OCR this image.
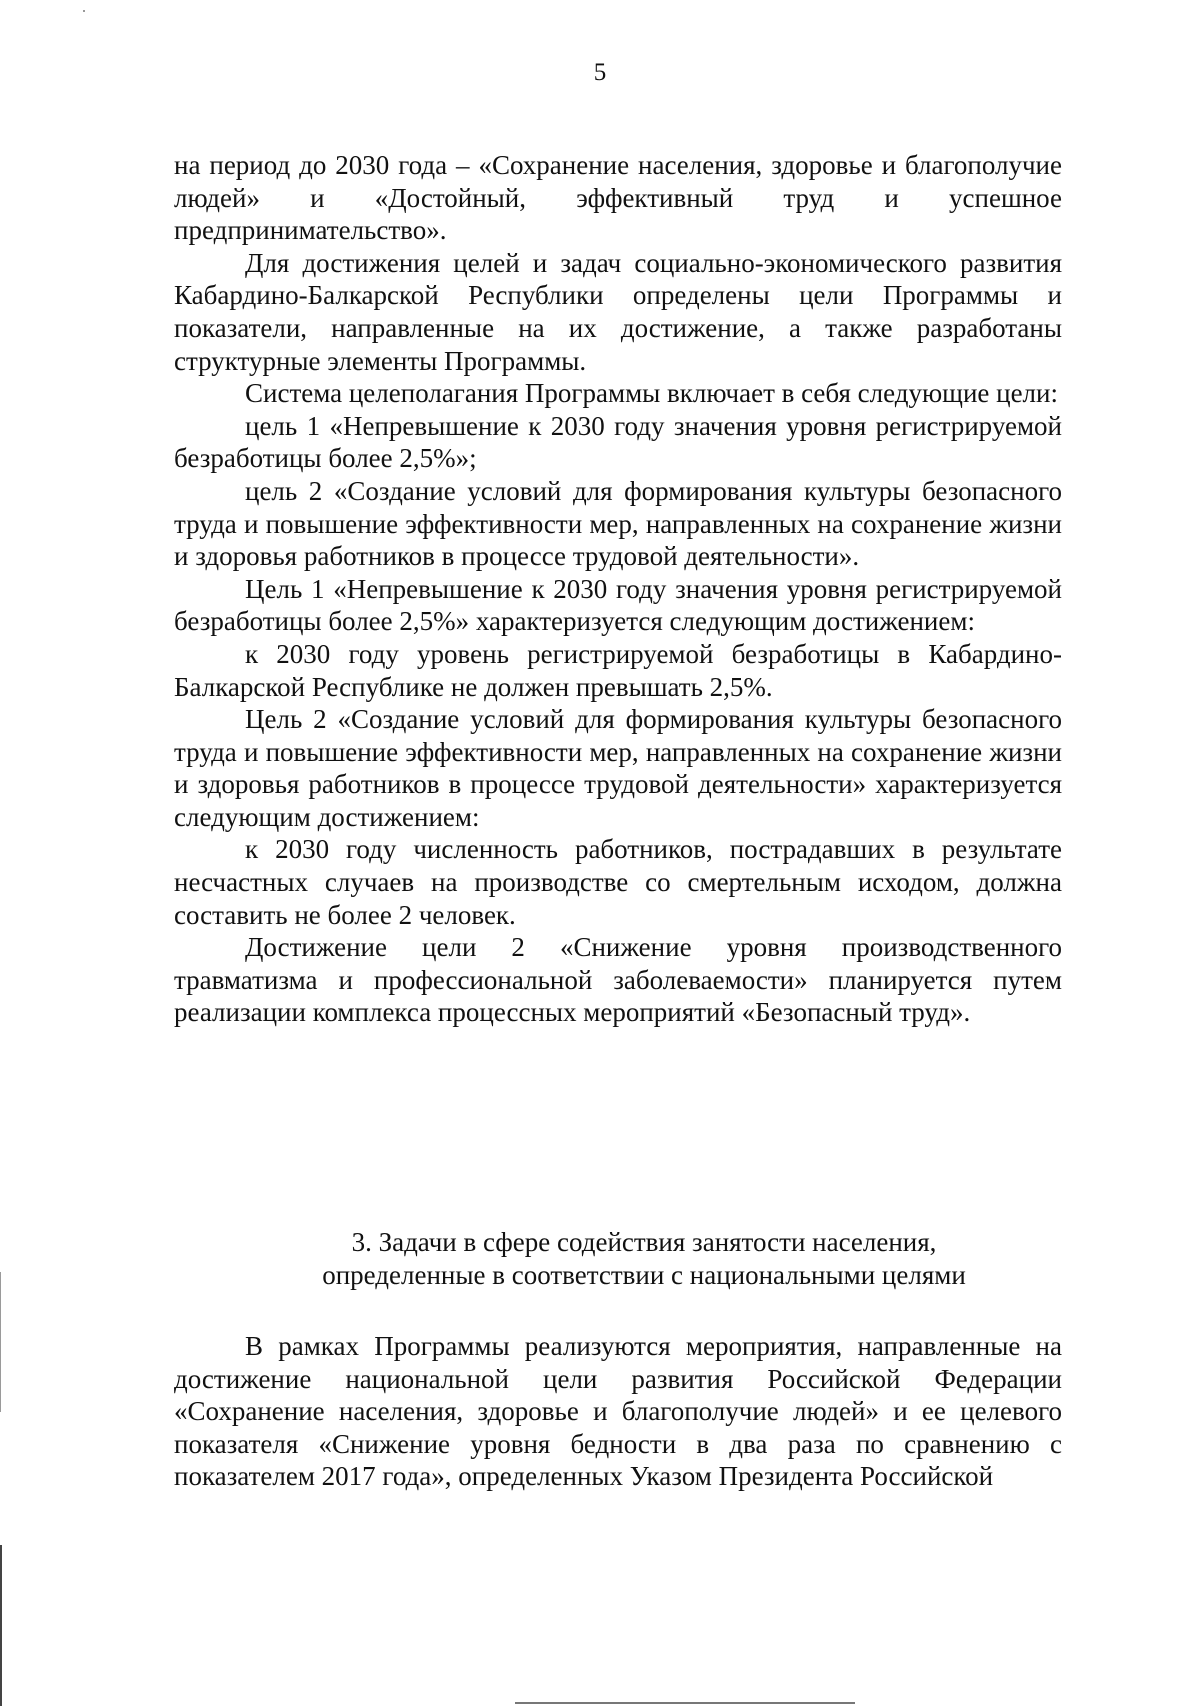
5

на период до 2030 года – «Сохранение населения, здоровье и благополучие людей» и «Достойный, эффективный труд и успешное предпринимательство».

Для достижения целей и задач социально-экономического развития Кабардино-Балкарской Республики определены цели Программы и показатели, направленные на их достижение, а также разработаны структурные элементы Программы.

Система целеполагания Программы включает в себя следующие цели:

цель 1 «Непревышение к 2030 году значения уровня регистрируемой безработицы более 2,5%»;

цель 2 «Создание условий для формирования культуры безопасного труда и повышение эффективности мер, направленных на сохранение жизни и здоровья работников в процессе трудовой деятельности».

Цель 1 «Непревышение к 2030 году значения уровня регистрируемой безработицы более 2,5%» характеризуется следующим достижением:

к 2030 году уровень регистрируемой безработицы в Кабардино-Балкарской Республике не должен превышать 2,5%.

Цель 2 «Создание условий для формирования культуры безопасного труда и повышение эффективности мер, направленных на сохранение жизни и здоровья работников в процессе трудовой деятельности» характеризуется следующим достижением:

к 2030 году численность работников, пострадавших в результате несчастных случаев на производстве со смертельным исходом, должна составить не более 2 человек.

Достижение цели 2 «Снижение уровня производственного травматизма и профессиональной заболеваемости» планируется путем реализации комплекса процессных мероприятий «Безопасный труд».

3. Задачи в сфере содействия занятости населения,
определенные в соответствии с национальными целями

В рамках Программы реализуются мероприятия, направленные на достижение национальной цели развития Российской Федерации «Сохранение населения, здоровье и благополучие людей» и ее целевого показателя «Снижение уровня бедности в два раза по сравнению с показателем 2017 года», определенных Указом Президента Российской
